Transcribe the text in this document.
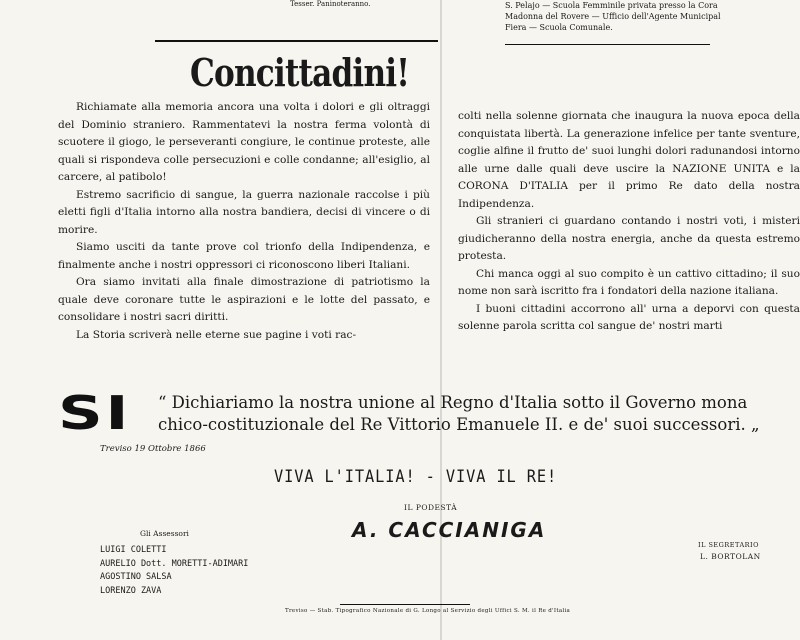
Tesser. Paninoteranno.	S. Pelajo — Scuola Femminile privata presso la Cora
Madonna del Rovere — Ufficio dell'Agente Municipal
Fiera — Scuola Comunale.
Concittadini!

Richiamate alla memoria ancora una volta i dolori e gli oltraggi del Dominio straniero. Rammentatevi la nostra ferma volontà di scuotere il giogo, le perseveranti congiure, le continue proteste, alle quali si rispondeva colle persecuzioni e colle condanne; all'esiglio, al carcere, al patibolo!

Estremo sacrificio di sangue, la guerra nazionale raccolse i più eletti figli d'Italia intorno alla nostra bandiera, decisi di vincere o di morire.

Siamo usciti da tante prove col trionfo della Indipendenza, e finalmente anche i nostri oppressori ci riconoscono liberi Italiani.

Ora siamo invitati alla finale dimostrazione di patriotismo la quale deve coronare tutte le aspirazioni e le lotte del passato, e consolidare i nostri sacri diritti.

La Storia scriverà nelle eterne sue pagine i voti rac-

colti nella solenne giornata che inaugura la nuova epoca della conquistata libertà. La generazione infelice per tante sventure, coglie alfine il frutto de' suoi lunghi dolori radunandosi intorno alle urne dalle quali deve uscire la NAZIONE UNITA e la CORONA D'ITALIA per il primo Re dato della nostra Indipendenza.

Gli stranieri ci guardano contando i nostri voti, i misteri giudicheranno della nostra energia, anche da questa estremo protesta.

Chi manca oggi al suo compito è un cattivo cittadino; il suo nome non sarà iscritto fra i fondatori della nazione italiana.

I buoni cittadini accorrono all' urna a deporvi con questa solenne parola scritta col sangue de' nostri marti

SI “ Dichiariamo la nostra unione al Regno d'Italia sotto il Governo mona
chico-costituzionale del Re Vittorio Emanuele II. e de' suoi successori. „
Treviso 19 Ottobre 1866
VIVA L'ITALIA! - VIVA IL RE!
IL PODESTÀ
A. CACCIANIGA
Gli Assessori
LUIGI COLETTI
AURELIO Dott. MORETTI-ADIMARI
AGOSTINO SALSA
LORENZO ZAVA
IL SEGRETARIO
L. BORTOLAN
Treviso — Stab. Tipografico Nazionale di G. Longo al Servizio degli Uffici S. M. il Re d'Italia
